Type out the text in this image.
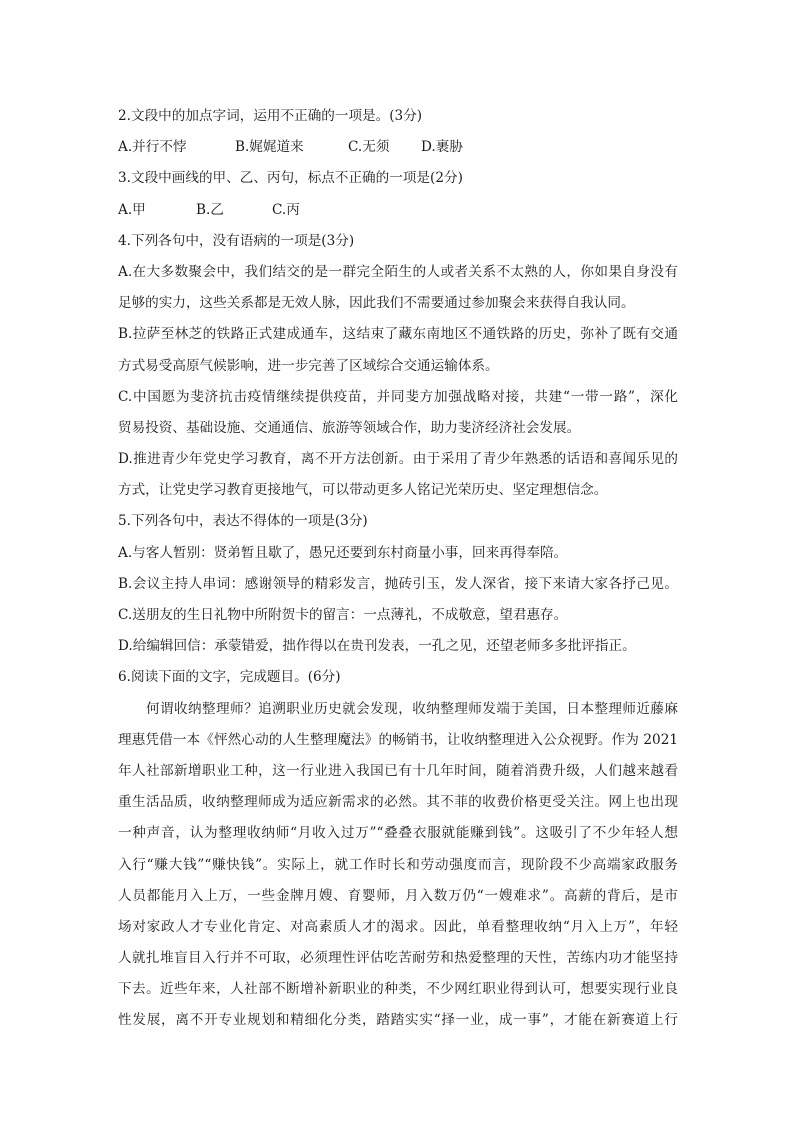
2.文段中的加点字词，运用不正确的一项是。(3分)
A.并行不悖	B.娓娓道来	C.无须 D.裹胁
3.文段中画线的甲、乙、丙句，标点不正确的一项是(2分)
A.甲	B.乙	C.丙
4.下列各句中，没有语病的一项是(3分)
A.在大多数聚会中，我们结交的是一群完全陌生的人或者关系不太熟的人，你如果自身没有
足够的实力，这些关系都是无效人脉，因此我们不需要通过参加聚会来获得自我认同。
B.拉萨至林芝的铁路正式建成通车，这结束了藏东南地区不通铁路的历史，弥补了既有交通
方式易受高原气候影响，进一步完善了区域综合交通运输体系。
C.中国愿为斐济抗击疫情继续提供疫苗，并同斐方加强战略对接，共建“一带一路”，深化
贸易投资、基础设施、交通通信、旅游等领域合作，助力斐济经济社会发展。
D.推进青少年党史学习教育，离不开方法创新。由于采用了青少年熟悉的话语和喜闻乐见的
方式，让党史学习教育更接地气，可以带动更多人铭记光荣历史、坚定理想信念。
5.下列各句中，表达不得体的一项是(3分)
A.与客人暂别：贤弟暂且歇了，愚兄还要到东村商量小事，回来再得奉陪。
B.会议主持人串词：感谢领导的精彩发言，抛砖引玉，发人深省，接下来请大家各抒己见。
C.送朋友的生日礼物中所附贺卡的留言：一点薄礼，不成敬意，望君惠存。
D.给编辑回信：承蒙错爱，拙作得以在贵刊发表，一孔之见，还望老师多多批评指正。
6.阅读下面的文字，完成题目。(6分)
何谓收纳整理师？追溯职业历史就会发现，收纳整理师发端于美国，日本整理师近藤麻
理惠凭借一本《怦然心动的人生整理魔法》的畅销书，让收纳整理进入公众视野。作为 2021
年人社部新增职业工种，这一行业进入我国已有十几年时间，随着消费升级，人们越来越看
重生活品质，收纳整理师成为适应新需求的必然。其不菲的收费价格更受关注。网上也出现
一种声音，认为整理收纳师“月收入过万”“叠叠衣服就能赚到钱”。这吸引了不少年轻人想
入行“赚大钱”“赚快钱”。实际上，就工作时长和劳动强度而言，现阶段不少高端家政服务
人员都能月入上万，一些金牌月嫂、育婴师，月入数万仍“一嫂难求”。高薪的背后，是市
场对家政人才专业化肯定、对高素质人才的渴求。因此，单看整理收纳“月入上万”，年轻
人就扎堆盲目入行并不可取，必须理性评估吃苦耐劳和热爱整理的天性，苦练内功才能坚持
下去。近些年来，人社部不断增补新职业的种类，不少网红职业得到认可，想要实现行业良
性发展，离不开专业规划和精细化分类，踏踏实实“择一业，成一事”，才能在新赛道上行
